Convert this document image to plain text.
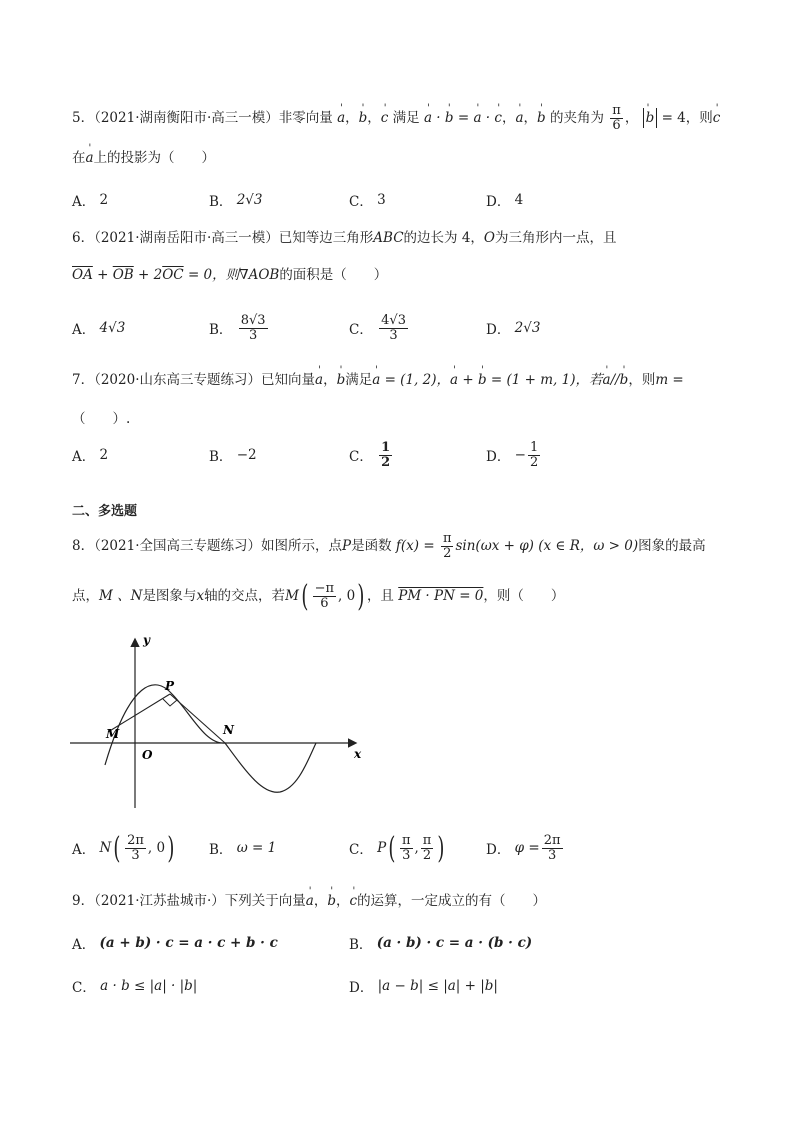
5．（2021·湖南衡阳市·高三一模）非零向量 ' a，' b，' c 满足 ' a · ' b = ' a · ' c，' a，' b 的夹角为 $\frac{\pi}{6}$ ， ' b = 4，则' c
在' a上的投影为（　　）
A．
2	B．
2√3	C．
3	D．
4
6．（2021·湖南岳阳市·高三一模）已知等边三角形ABC的边长为 4，O为三角形内一点，且
$\overline{OA} + \overline{OB} + 2\overline{OC} = 0$，则∇AOB的面积是（　　）
A．
4√3	B．
$\frac{8√3}{3}$	C．
$\frac{4√3}{3}$	D．
2√3
7．（2020·山东高三专题练习）已知向量' a，' b满足' a = (1, 2)，' a + ' b = (1 + m, 1)，若' a//' b，则m =
（　　）.
A．
2	B．
−2	C．
$\frac{1}{2}$	D．
− $\frac{1}{2}$
二、多选题
8．（2021·全国高三专题练习）如图所示，点P是函数 $f(x) = \frac{\pi}{2} \sin(\omega x + \varphi)$ (x ∈ R，ω > 0)图象的最高
点，M 、N是图象与x轴的交点，若$M( \frac{-\pi}{6}$ , 0) ，且 PM · PN = 0，则（　　）
y
x
O
P
M	N
A．
N ( $\frac{2\pi}{3}$ , 0 )	B．
ω = 1	C．
P ( $\frac{\pi}{3}$ , $\frac{\pi}{2}$ )	D．
$\varphi = \frac{2\pi}{3}$
9．（2021·江苏盐城市·）下列关于向量' a，' b，' c的运算，一定成立的有（　　）
A．
(a + b) · c = a · c + b · c	B．
(a · b) · c = a · (b · c)
C．
a · b ≤ |a| · |b|	D．
|a − b| ≤ |a| + |b|
